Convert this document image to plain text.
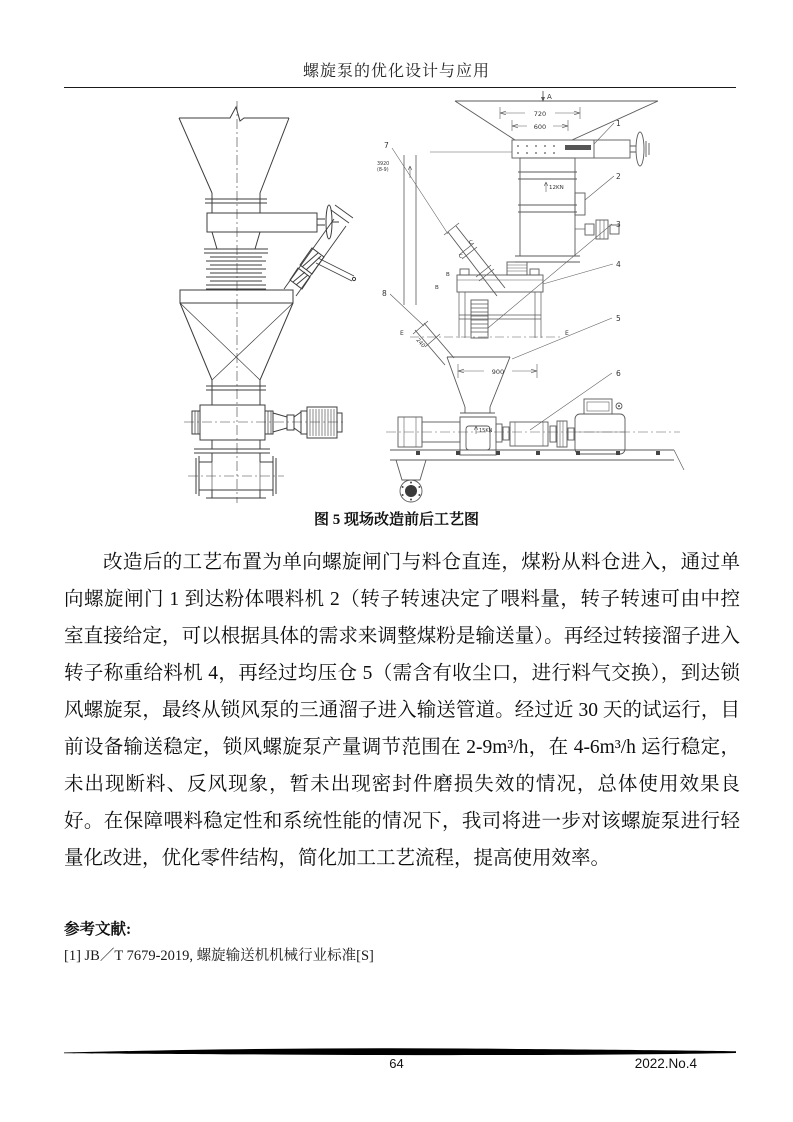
螺旋泵的优化设计与应用
A
720
600
900
240
12KN
15KN
3920
(8-9)
1
2
3
4
5
6
7
8
C
C
B
B
E	E
图 5 现场改造前后工艺图
改造后的工艺布置为单向螺旋闸门与料仓直连，煤粉从料仓进入，通过单向螺旋闸门 1 到达粉体喂料机 2（转子转速决定了喂料量，转子转速可由中控室直接给定，可以根据具体的需求来调整煤粉是输送量）。再经过转接溜子进入转子称重给料机 4，再经过均压仓 5（需含有收尘口，进行料气交换），到达锁风螺旋泵，最终从锁风泵的三通溜子进入输送管道。经过近 30 天的试运行，目前设备输送稳定，锁风螺旋泵产量调节范围在 2-9m³/h，在 4-6m³/h 运行稳定，未出现断料、反风现象，暂未出现密封件磨损失效的情况，总体使用效果良好。在保障喂料稳定性和系统性能的情况下，我司将进一步对该螺旋泵进行轻量化改进，优化零件结构，简化加工工艺流程，提高使用效率。
参考文献:
[1] JB／T 7679-2019, 螺旋输送机机械行业标准[S]
64	2022.No.4
